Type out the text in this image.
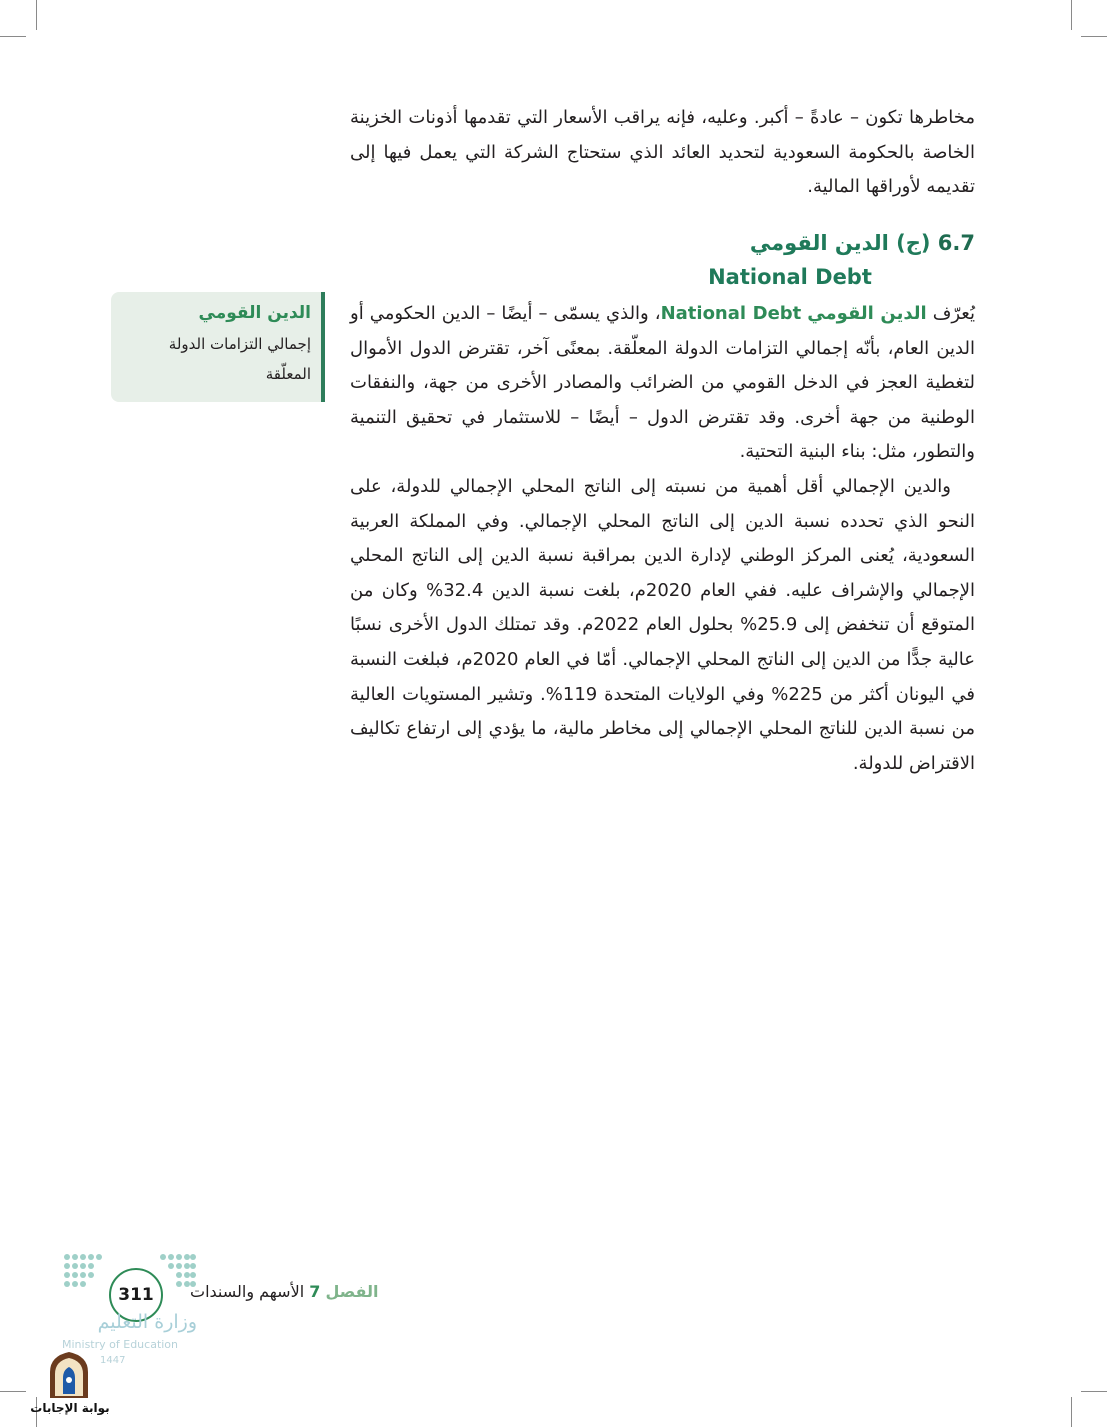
مخاطرها تكون – عادةً – أكبر. وعليه، فإنه يراقب الأسعار التي تقدمها أذونات الخزينة الخاصة بالحكومة السعودية لتحديد العائد الذي ستحتاج الشركة التي يعمل فيها إلى تقديمه لأوراقها المالية.

6.7 (ج) الدين القومي
National Debt

يُعرّف الدين القومي National Debt، والذي يسمّى – أيضًا – الدين الحكومي أو الدين العام، بأنّه إجمالي التزامات الدولة المعلّقة. بمعنًى آخر، تقترض الدول الأموال لتغطية العجز في الدخل القومي من الضرائب والمصادر الأخرى من جهة، والنفقات الوطنية من جهة أخرى. وقد تقترض الدول – أيضًا – للاستثمار في تحقيق التنمية والتطور، مثل: بناء البنية التحتية.

والدين الإجمالي أقل أهمية من نسبته إلى الناتج المحلي الإجمالي للدولة، على النحو الذي تحدده نسبة الدين إلى الناتج المحلي الإجمالي. وفي المملكة العربية السعودية، يُعنى المركز الوطني لإدارة الدين بمراقبة نسبة الدين إلى الناتج المحلي الإجمالي والإشراف عليه. ففي العام 2020م، بلغت نسبة الدين 32.4% وكان من المتوقع أن تنخفض إلى 25.9% بحلول العام 2022م. وقد تمتلك الدول الأخرى نسبًا عالية جدًّا من الدين إلى الناتج المحلي الإجمالي. أمّا في العام 2020م، فبلغت النسبة في اليونان أكثر من 225% وفي الولايات المتحدة 119%. وتشير المستويات العالية من نسبة الدين للناتج المحلي الإجمالي إلى مخاطر مالية، ما يؤدي إلى ارتفاع تكاليف الاقتراض للدولة.

الدين القومي
إجمالي التزامات الدولة المعلّقة
311	الفصل 7 الأسهم والسندات
وزارة التعليم
Ministry of Education
1447
بوابة الإجابات
